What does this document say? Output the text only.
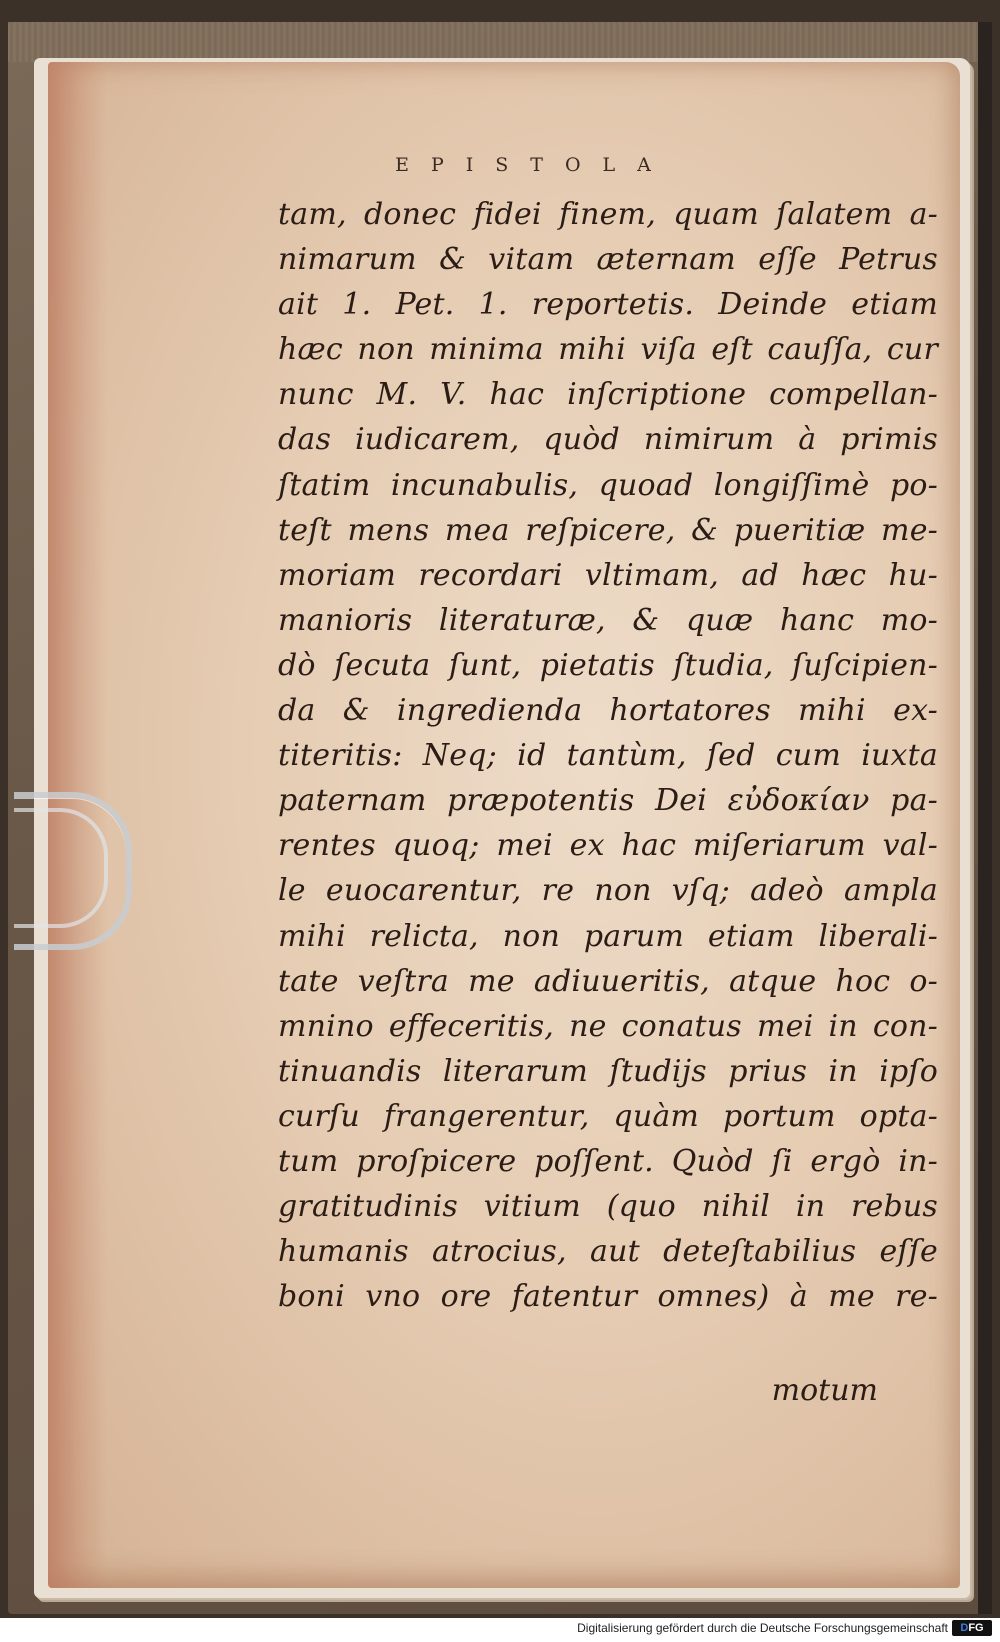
EPISTOLA
tam, donec fidei finem, quam ſalatem a-
nimarum & vitam æternam eſſe Petrus
ait 1. Pet. 1. reportetis. Deinde etiam
hæc non minima mihi viſa eſt cauſſa, cur
nunc M. V. hac inſcriptione compellan-
das iudicarem, quòd nimirum à primis
ſtatim incunabulis, quoad longiſſimè po-
teſt mens mea reſpicere, & pueritiæ me-
moriam recordari vltimam, ad hæc hu-
manioris literaturæ, & quæ hanc mo-
dò ſecuta ſunt, pietatis ſtudia, ſuſcipien-
da & ingredienda hortatores mihi ex-
titeritis: Neq; id tantùm, ſed cum iuxta
paternam præpotentis Dei εὐδοκίαν pa-
rentes quoq; mei ex hac miſeriarum val-
le euocarentur, re non vſq; adeò ampla
mihi relicta, non parum etiam liberali-
tate veſtra me adiuueritis, atque hoc o-
mnino effeceritis, ne conatus mei in con-
tinuandis literarum ſtudijs prius in ipſo
curſu frangerentur, quàm portum opta-
tum proſpicere poſſent. Quòd ſi ergò in-
gratitudinis vitium (quo nihil in rebus
humanis atrocius, aut deteſtabilius eſſe
boni vno ore fatentur omnes) à me re-
motum
Digitalisierung gefördert durch die Deutsche Forschungsgemeinschaft	DFG
